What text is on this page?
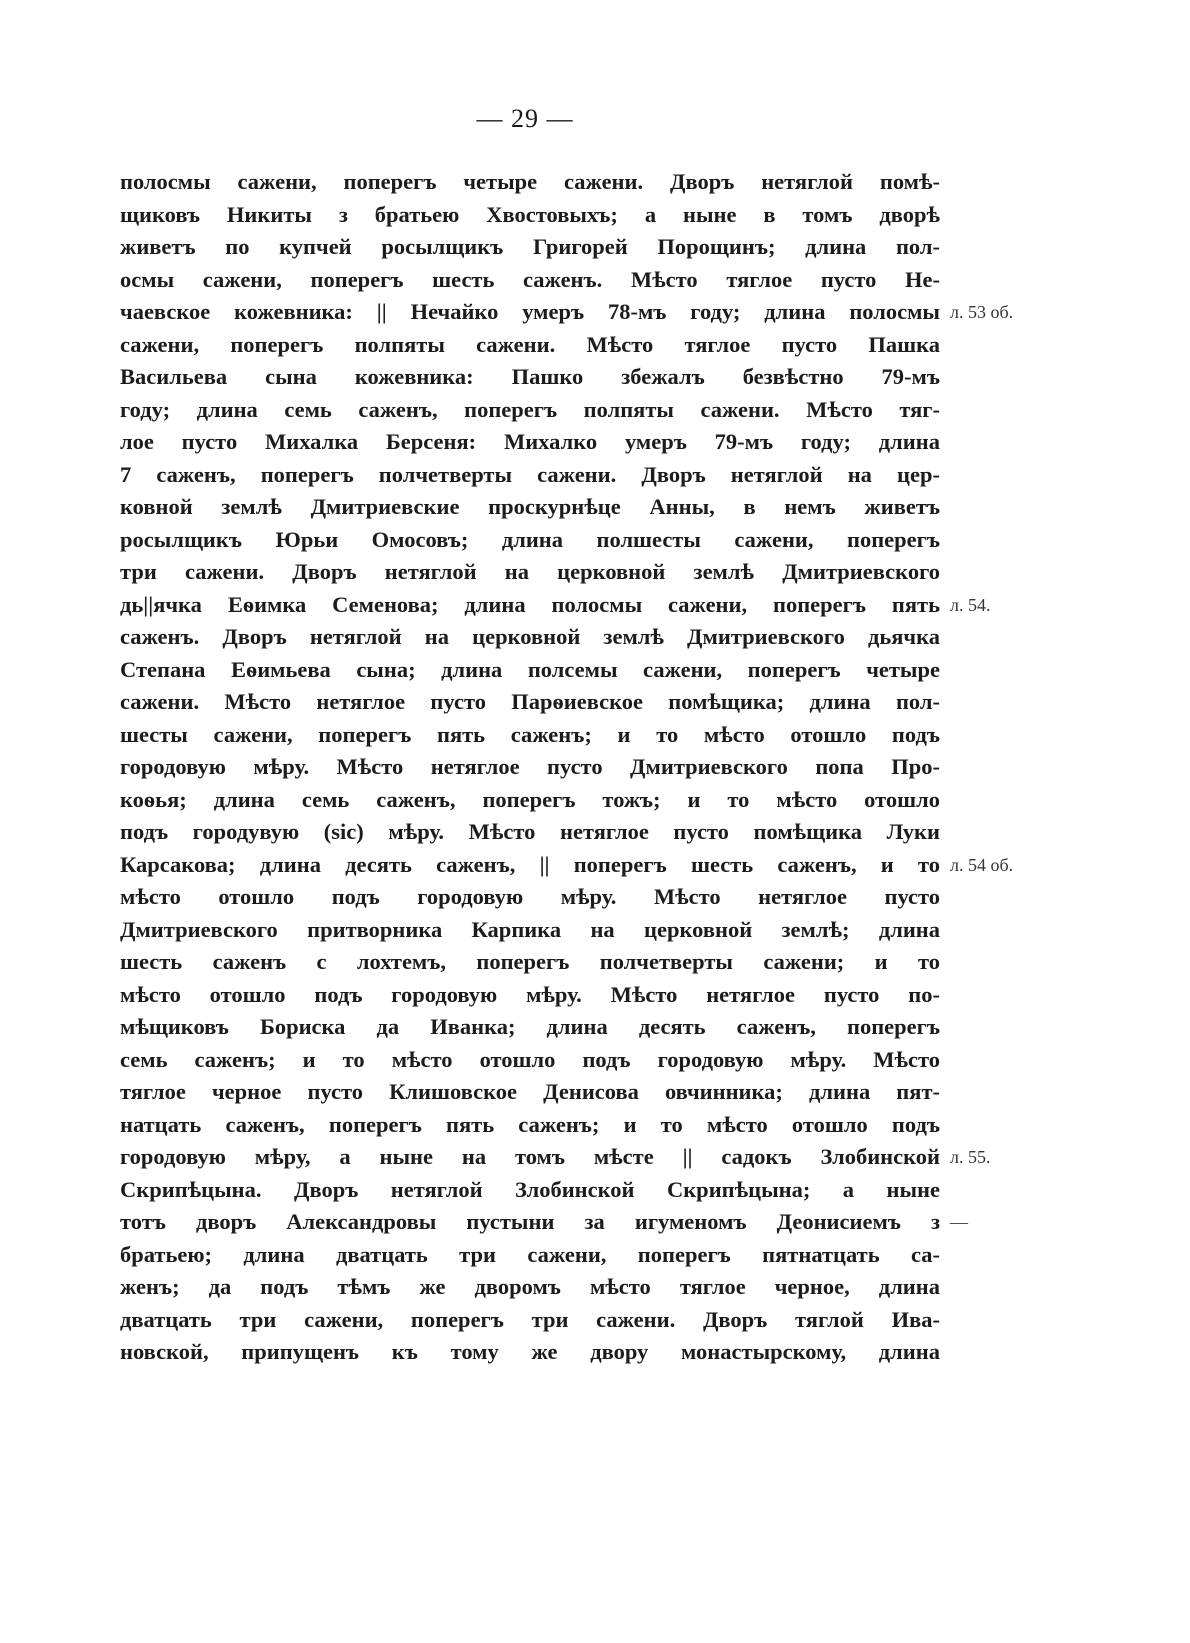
— 29 —
полосмы сажени, поперегъ четыре сажени. Дворъ нетяглой помѣ-
щиковъ Никиты з братьею Хвостовыхъ; а ныне в томъ дворѣ
живетъ по купчей росылщикъ Григорей Порощинъ; длина пол-
осмы сажени, поперегъ шесть саженъ. Мѣсто тяглое пусто Не-
чаевское кожевника: || Нечайко умеръ 78-мъ году; длина полосмы
сажени, поперегъ полпяты сажени. Мѣсто тяглое пусто Пашка
Васильева сына кожевника: Пашко збежалъ безвѣстно 79-мъ
году; длина семь саженъ, поперегъ полпяты сажени. Мѣсто тяг-
лое пусто Михалка Берсеня: Михалко умеръ 79-мъ году; длина
7 саженъ, поперегъ полчетверты сажени. Дворъ нетяглой на цер-
ковной землѣ Дмитриевские проскурнѣце Анны, в немъ живетъ
росылщикъ Юрьи Омосовъ; длина полшесты сажени, поперегъ
три сажени. Дворъ нетяглой на церковной землѣ Дмитриевского
дь||ячка Еѳимка Семенова; длина полосмы сажени, поперегъ пять
саженъ. Дворъ нетяглой на церковной землѣ Дмитриевского дьячка
Степана Еѳимьева сына; длина полсемы сажени, поперегъ четыре
сажени. Мѣсто нетяглое пусто Парѳиевское помѣщика; длина пол-
шесты сажени, поперегъ пять саженъ; и то мѣсто отошло подъ
городовую мѣру. Мѣсто нетяглое пусто Дмитриевского попа Про-
коѳья; длина семь саженъ, поперегъ тожъ; и то мѣсто отошло
подъ городувую (sic) мѣру. Мѣсто нетяглое пусто помѣщика Луки
Карсакова; длина десять саженъ, || поперегъ шесть саженъ, и то
мѣсто отошло подъ городовую мѣру. Мѣсто нетяглое пусто
Дмитриевского притворника Карпика на церковной землѣ; длина
шесть саженъ с лохтемъ, поперегъ полчетверты сажени; и то
мѣсто отошло подъ городовую мѣру. Мѣсто нетяглое пусто по-
мѣщиковъ Бориска да Иванка; длина десять саженъ, поперегъ
семь саженъ; и то мѣсто отошло подъ городовую мѣру. Мѣсто
тяглое черное пусто Клишовское Денисова овчинника; длина пят-
натцать саженъ, поперегъ пять саженъ; и то мѣсто отошло подъ
городовую мѣру, а ныне на томъ мѣсте || садокъ Злобинской
Скрипѣцына. Дворъ нетяглой Злобинской Скрипѣцына; а ныне
тотъ дворъ Александровы пустыни за игуменомъ Деонисиемъ з
братьею; длина дватцать три сажени, поперегъ пятнатцать са-
женъ; да подъ тѣмъ же дворомъ мѣсто тяглое черное, длина
дватцать три сажени, поперегъ три сажени. Дворъ тяглой Ива-
новской, припущенъ къ тому же двору монастырскому, длина
л. 53 об.
л. 54.
л. 54 об.
л. 55.
—
